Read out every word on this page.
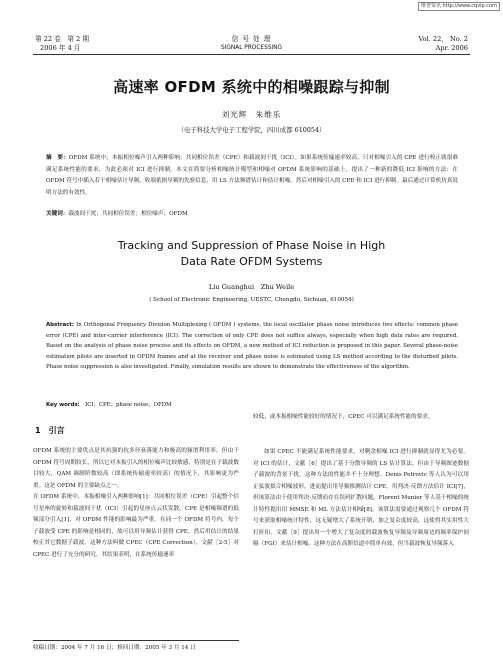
维普资讯 http://www.cqvip.com
第 22 卷　第 2 期
2006 年 4 月
信 号 处 理
SIGNAL PROCESSING
Vol. 22， No. 2
Apr. 2006
高速率 OFDM 系统中的相噪跟踪与抑制
刘光辉　朱维乐
（电子科技大学电子工程学院，四川成都 610054）
摘　要：OFDM 系统中，本振相位噪声引入两种影响：共同相位误差（CPE）和载波间干扰（ICI）。如果系统传输速率较高，只对相噪引入的 CPE 进行校正就很难满足系统性能的要求，为此必须对 ICI 进行抑制。本文在简要分析相噪统计模型和相噪对 OFDM 系统影响的基础上，提出了一种新的降低 ICI 影响的方法：在 OFDM 符号中插入若干相噪估计导频，收端依据导频的先验信息，用 LS 方法频谱估计和估计相噪，然后对相噪引入的 CPE 和 ICI 进行抑制。最后通过计算机仿真说明方法的有效性。
关键词：载波间干扰；共同相位误差；相位噪声；OFDM
Tracking and Suppression of Phase Noise in High
Data Rate OFDM Systems
Liu Guanghui　Zhu Weile
( School of Electronic Engineering, UESTC, Chengdu, Sichuan, 610054)
Abstract: In Orthogonal Frequency Division Multiplexing ( OFDM ) systems, the local oscillator phase noise introduces two effects: common phase error (CPE) and inter-carrier interference (ICI). The correction of only CPE does not suffice always, especially when high data rates are required. Based on the analysis of phase noise process and its effects on OFDM, a new method of ICI reduction is proposed in this paper. Several phase-noise estimation pilots are inserted in OFDM frames and at the receiver end phase noise is estimated using LS method according to the disturbed pilots. Phase noise suppression is also investigated. Finally, simulation results are shown to demonstrate the effectiveness of the algorithm.
Key words:　 ICI；CPE；phase noise；OFDM
1　引言
OFDM 系统的主要优点是其抗强的抗多径衰落能力和极高的频谱利用率。但由于 OFDM 符号周期较长，所以它对本振引入的相位噪声比较敏感，特别是在子载波数目较大，QAM 调制阶数较高（即系统传输速率较高）的情况下，其影响更为严重。这是 OFDM 的主要缺点之一。
在 OFDM 系统中，本振相噪引入两种影响[1]：共同相位误差（CPE）引起整个信号星座的旋转和载波间干扰（ICI）引起的星座点云状发散。CPE 是相噪频谱的低频部分引入[1]，对 OFDM 性能的影响最为严重。在同一个 OFDM 符号内，每个子载波受 CPE 的影响是相同的，故可以用导频估计获得 CPE，然后用估计的结果校正其它数据子载波。这种方法叫做 CPEC（CPE Correction），文献［2-5］对 CPEC 进行了充分的研究。其结果表明，在系统传输速率
较低，或本振相噪性能较好的情况下，CPEC 可以满足系统性能的要求。
如果 CPEC 不能满足系统性能要求，对剩余相噪 ICI 进行抑制就显得尤为必要。对 ICI 的估计，文献［6］提出了基于分散导频的 LS 估计算法，但由于导频图迹数据子载波的背景干扰，这种方法的性能并不十分理想。Denis Petrovic 等人认为可以用正弦波拟合相噪波形，进而提出用导频推测估计 CPE，用判决-反馈方法估计 ICI[7]，但该算法由于使用判决-反馈而存在误码扩散问题。Florent Munier 等人基于相噪的统计特性提出用 MMSE 和 ML 方法估计相噪[8]，该算法需要通过观察几个 OFDM 符号来获取相噪统计特性，这无疑增大了系统开销，加之复杂度较高，这使得其实用性大打折扣。文献［9］提出用一个增大了复杂度的载波恢复导频及导频周边的频率保护间隔（FGI）来估计相噪，这种方法在高斯信道中简单有效，但当载波恢复导频落入
收稿日期：2004 年 7 月 16 日；修回日期：2005 年 3 月 14 日
